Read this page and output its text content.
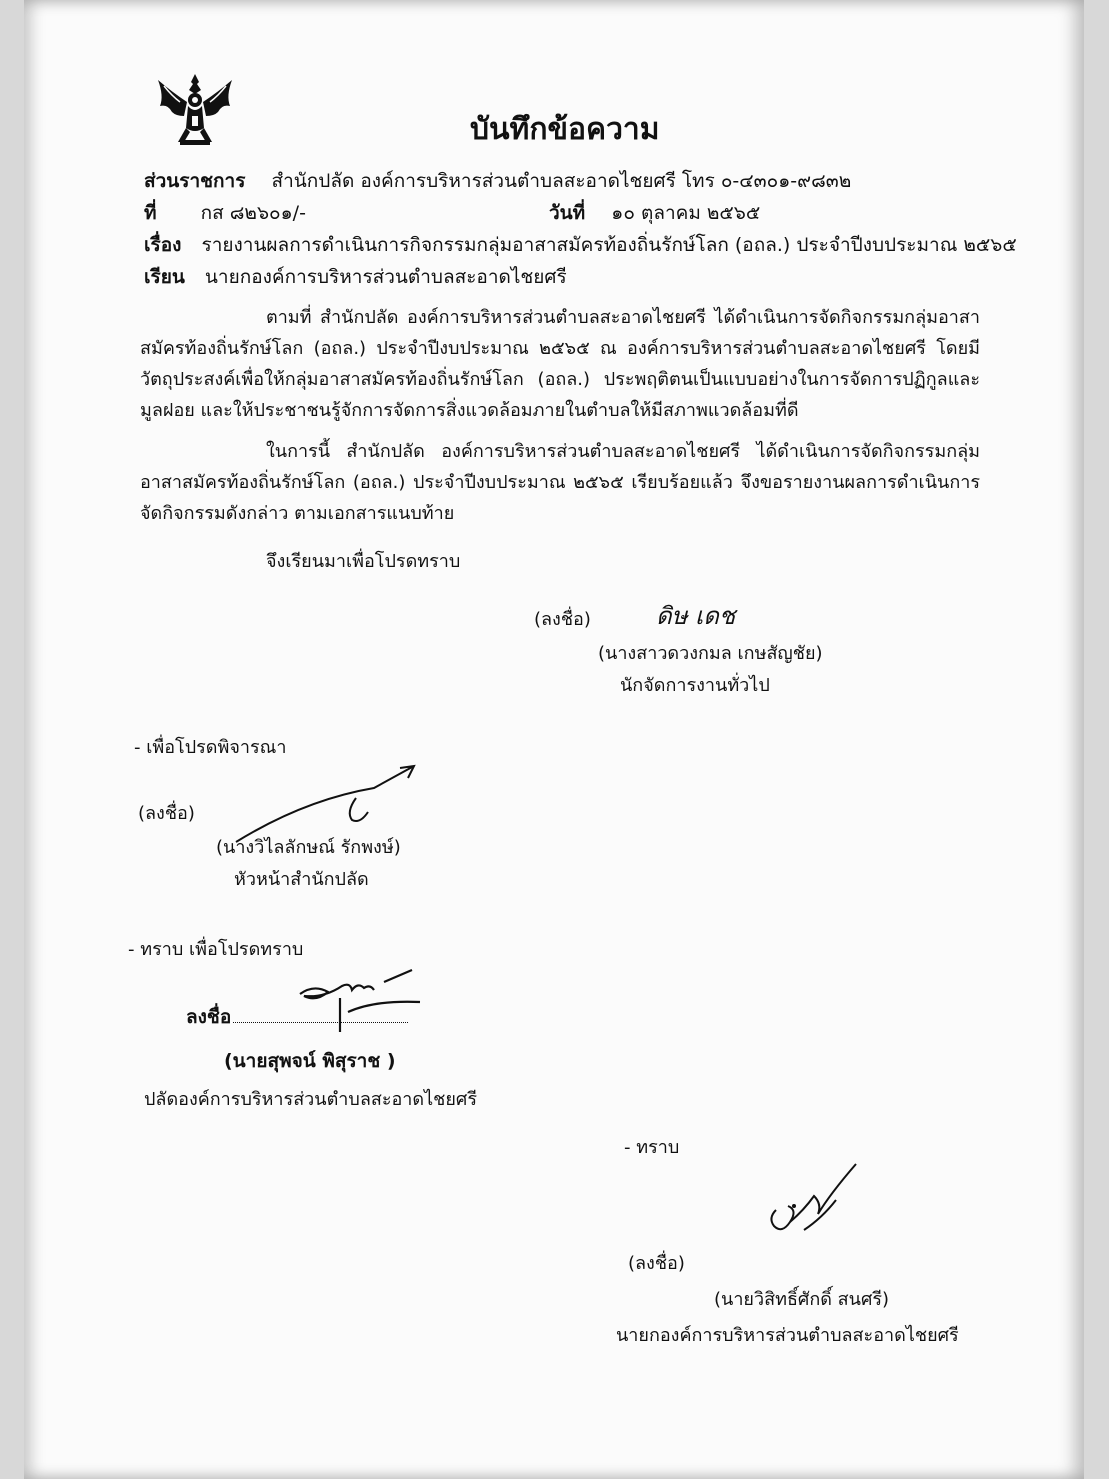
บันทึกข้อความ
ส่วนราชการ สำนักปลัด องค์การบริหารส่วนตำบลสะอาดไชยศรี โทร ๐-๔๓๐๑-๙๘๓๒
ที่ กส ๘๒๖๐๑/-	วันที่ ๑๐ ตุลาคม ๒๕๖๕
เรื่อง รายงานผลการดำเนินการกิจกรรมกลุ่มอาสาสมัครท้องถิ่นรักษ์โลก (อถล.) ประจำปีงบประมาณ ๒๕๖๕
เรียน นายกองค์การบริหารส่วนตำบลสะอาดไชยศรี
ตามที่ สำนักปลัด องค์การบริหารส่วนตำบลสะอาดไชยศรี ได้ดำเนินการจัดกิจกรรมกลุ่มอาสาสมัครท้องถิ่นรักษ์โลก (อถล.) ประจำปีงบประมาณ ๒๕๖๕ ณ องค์การบริหารส่วนตำบลสะอาดไชยศรี โดยมีวัตถุประสงค์เพื่อให้กลุ่มอาสาสมัครท้องถิ่นรักษ์โลก (อถล.) ประพฤติตนเป็นแบบอย่างในการจัดการปฏิกูลและมูลฝอย และให้ประชาชนรู้จักการจัดการสิ่งแวดล้อมภายในตำบลให้มีสภาพแวดล้อมที่ดี
ในการนี้ สำนักปลัด องค์การบริหารส่วนตำบลสะอาดไชยศรี ได้ดำเนินการจัดกิจกรรมกลุ่มอาสาสมัครท้องถิ่นรักษ์โลก (อถล.) ประจำปีงบประมาณ ๒๕๖๕ เรียบร้อยแล้ว จึงขอรายงานผลการดำเนินการจัดกิจกรรมดังกล่าว ตามเอกสารแนบท้าย
จึงเรียนมาเพื่อโปรดทราบ
(ลงชื่อ)	ดิษ เดช
(นางสาวดวงกมล เกษสัญชัย)
นักจัดการงานทั่วไป
- เพื่อโปรดพิจารณา
(ลงชื่อ)
(นางวิไลลักษณ์ รักพงษ์)
หัวหน้าสำนักปลัด
- ทราบ เพื่อโปรดทราบ
ลงชื่อ
(นายสุพจน์ พิสุราช )
ปลัดองค์การบริหารส่วนตำบลสะอาดไชยศรี
- ทราบ
(ลงชื่อ)
(นายวิสิทธิ์ศักดิ์ สนศรี)
นายกองค์การบริหารส่วนตำบลสะอาดไชยศรี
